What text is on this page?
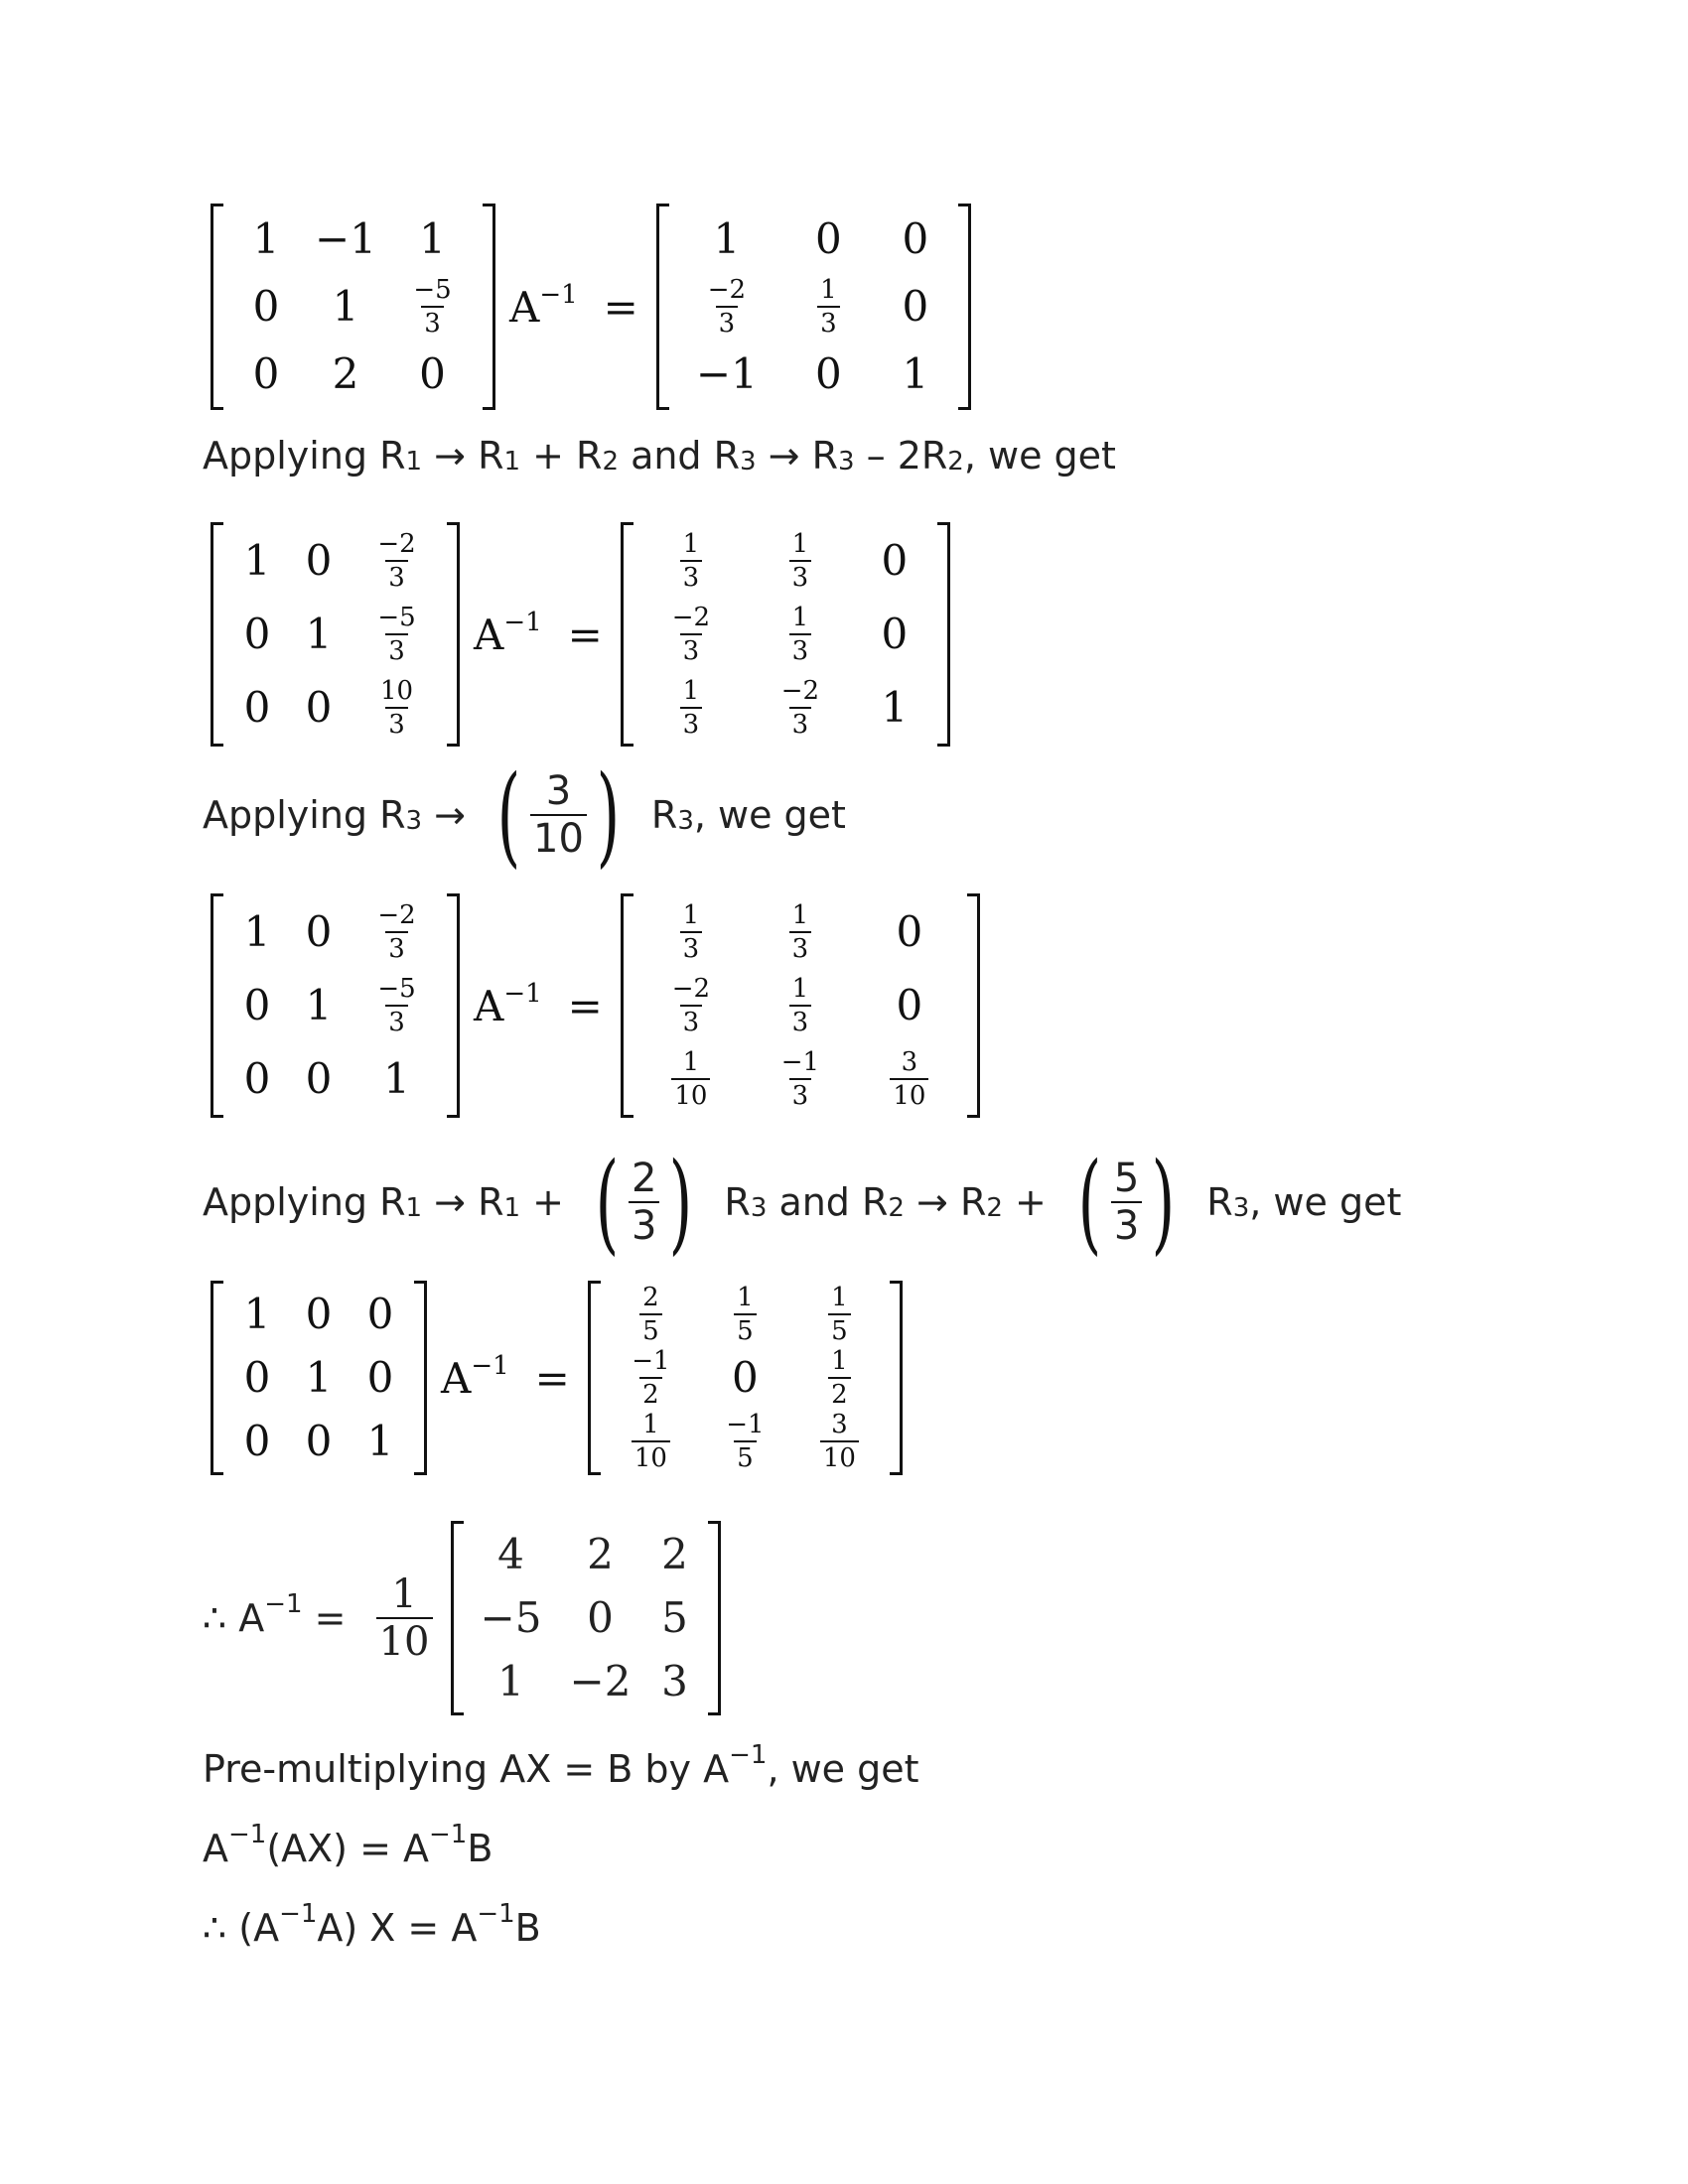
1 −1 1
0 $1 \frac{-5}{3}$
0 2 0
$A^{-1}$ =
1 0 0
$\frac{-2}{3}$	$\frac{1}{3} 0$
−1 0 1
Applying $R_1 \to R_1 + R_2$ and $R_3 \to R_3 - 2R_2$ , we get
1 $0 \frac{-2}{3}$
0 $1 \frac{-5}{3}$
0 $0 \frac{10}{3}$
$A^{-1}$ =
$\frac{1}{3}$	$\frac{1}{3} 0$
$\frac{-2}{3}$	$\frac{1}{3} 0$
$\frac{1}{3}$	$\frac{-2}{3} 1$
Applying $R_3$ → ( $\frac{3}{10}$ ) $R_3$ , we get
1 $0 \frac{-2}{3}$
0 $1 \frac{-5}{3}$
0 0 1
$A^{-1}$ =
$\frac{1}{3}$	$\frac{1}{3} 0$
$\frac{-2}{3}$	$\frac{1}{3} 0$
$\frac{1}{10}$	$\frac{-1}{3}$	$\frac{3}{10}$
Applying $R_1 \to R_1$ + ( $\frac{2}{3}$ ) $R_3$ and $R_2 \to R_2$ + ( $\frac{5}{3}$ ) $R_3$ , we get
1 0 0
0 1 0
0 0 1
$A^{-1}$ =
$\frac{2}{5}$	$\frac{1}{5}$	$\frac{1}{5}$
$\frac{-1}{2} 0$	$\frac{1}{2}$
$\frac{1}{10} \frac{-1}{5} \frac{3}{10}$
∴ $A^{-1} = \frac{1}{10}$
4 2 2
−5 0 5
1 −2 3
Pre-multiplying AX = B by $A^{-1}$ , we get
$A^{-1}$ $(AX) = A^{-1}$ B
∴ ($A^{-1}$ A) $X = A^{-1}$ B
